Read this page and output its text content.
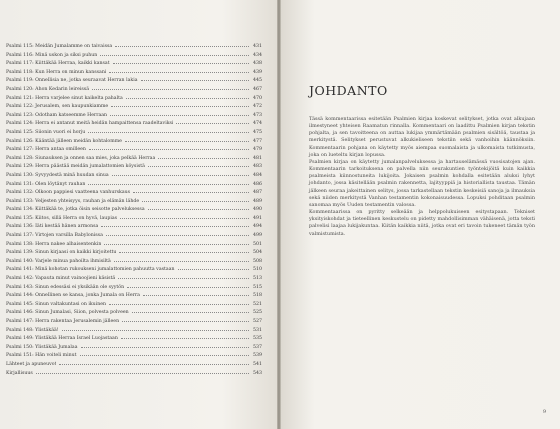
Psalmi 115: Meidän Jumalamme on taivaissa	431
Psalmi 116: Minä uskon ja siksi puhun	434
Psalmi 117: Kiittäkää Herraa, kaikki kansat	438
Psalmi 118: Kun Herra on minun kanssani	439
Psalmi 119: Onnellisia ne, jotka seuraavat Herran lakia	445
Psalmi 120: Ahon Kedarin leireissä	467
Psalmi 121: Herra varjelee sinut kaikelta pahalta	470
Psalmi 122: Jerusalem, sen kaupunkiamme	472
Psalmi 123: Odotham katseemme Herraan	473
Psalmi 124: Herra ei antanut meitä heidän hampaittensa raadeltaviksi	474
Psalmi 125: Siionin vuori ei horju	475
Psalmi 126: Kääntää jälleen meidän kohtalomme	477
Psalmi 127: Herra antaa omilleen	479
Psalmi 128: Siunauksen ja onnen saa mies, joka pelkää Herraa	481
Psalmi 129: Herra päästää meidän jumalattomien köysistä	483
Psalmi 130: Syvyydestä minä huudan sinua	484
Psalmi 131: Olen löytänyt rauhan	486
Psalmi 132: Olkoon pappiesi vaatteena vanhurskaus	487
Psalmi 133: Veljesten yhteisyys, rauhan ja elämän lähde	489
Psalmi 134: Kiittäkää te, jotka öisin seisotte palveluksessa	490
Psalmi 135: Kiitos, sillä Herra on hyvä, laupias	491
Psalmi 136: Iäti kestää hänen armonsa	494
Psalmi 137: Virtojen varsilla Babylonissa	499
Psalmi 138: Herra nakee alhaisentenkin	501
Psalmi 139: Sinun kirjaasi on kaikki kirjoitettu	504
Psalmi 140: Varjele minua pahoilta ihmisiltä	508
Psalmi 141: Minä kohotan rukoukseni jumalattomien pahuutta vastaan	510
Psalmi 142: Vapauta minut vainoojieni käsistä	513
Psalmi 143: Sinun edessäsi ei yksikään ole syytön	515
Psalmi 144: Onnellinen se kansa, jonka Jumala on Herra	518
Psalmi 145: Sinun valtakuntasi on ikuinen	521
Psalmi 146: Sinun Jumalasi, Siion, polvesta polveen	525
Psalmi 147: Herra rakentaa Jerusalemin jälleen	527
Psalmi 148: Ylistäkää!	531
Psalmi 149: Ylistäkää Herraa Israel Luojastaan	535
Psalmi 150: Ylistäkää Jumalaa	537
Psalmi 151: Hän voiteli minut	539
Lähteet ja apuneuvot	541
Kirjallisuus	543
JOHDANTO

Tässä kommentaarissa esitetään Psalmien kirjaa koskevat selitykset, jotka ovat alkujaan ilmestyneet yhteisen Raamatun rinnalla. Kommentaari on laadittu Psalmien kirjan tekstin pohjalta, ja sen tavoitteena on auttaa lukijaa ymmärtämään psalmien sisältöä, taustaa ja merkitystä. Selitykset perustuvat alkukieliseen tekstiin sekä vanhoihin käännöksiin. Kommentaarin pohjana on käytetty myös aiempaa suomalaista ja ulkomaista tutkimusta, joka on lueteltu kirjan lopussa.

Psalmien kirjaa on käytetty jumalanpalveluksessa ja hartauselämässä vuosisatojen ajan. Kommentaarin tarkoituksena on palvella niin seurakuntien työntekijöitä kuin kaikkia psalmeista kiinnostuneita lukijoita. Jokaisen psalmin kohdalla esitetään aluksi lyhyt johdanto, jossa käsitellään psalmin rakennetta, lajityyppiä ja historiallista taustaa. Tämän jälkeen seuraa jakeittainen selitys, jossa tarkastellaan tekstin keskeisiä sanoja ja ilmauksia sekä niiden merkitystä Vanhan testamentin kokonaisuudessa. Lopuksi pohditaan psalmin sanomaa myös Uuden testamentin valossa.

Kommentaarissa on pyritty selkeään ja helppolukuiseen esitystapaan. Tekniset yksityiskohdat ja tieteellinen keskustelu on pidetty mahdollisimman vähäisenä, jotta teksti palvelisi laajaa lukijakuntaa. Kiitän kaikkia niitä, jotka ovat eri tavoin tukeneet tämän työn valmistumista.

9
